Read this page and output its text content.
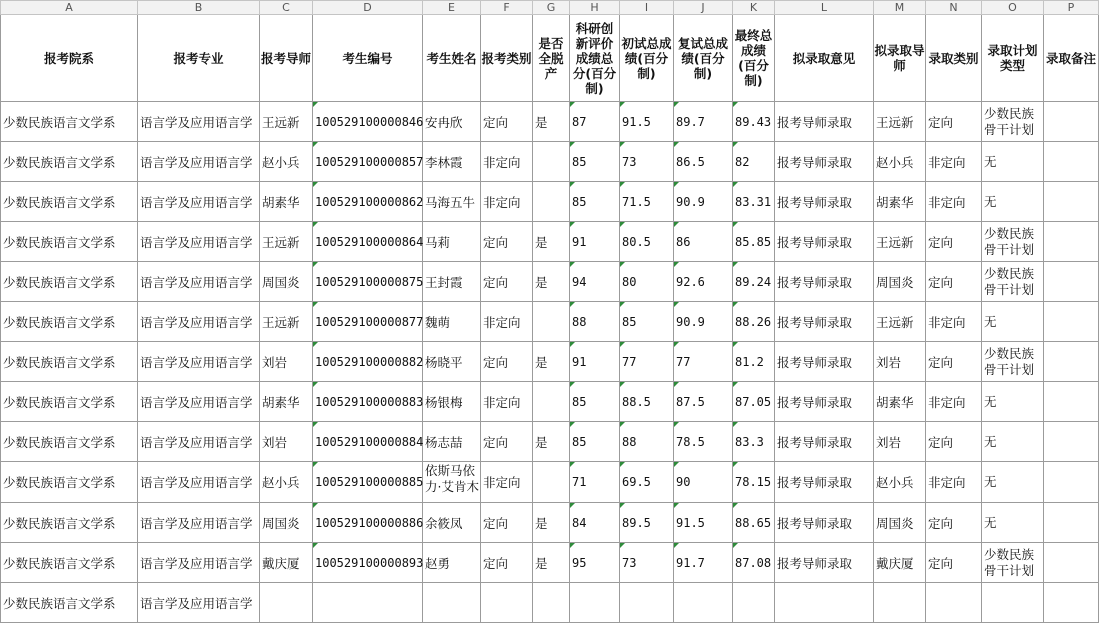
A	B	C	D	E	F	G	H	I	J	K	L	M	N	O	P
报考院系	报考专业	报考导师	考生编号	考生姓名	报考类别	是否全脱产	科研创新评价成绩总分(百分制)	初试总成绩(百分制)	复试总成绩(百分制)	最终总成绩(百分制)	拟录取意见	拟录取导师	录取类别	录取计划类型	录取备注
少数民族语言文学系	语言学及应用语言学	王远新	100529100000846	安冉欣	定向	是	87	91.5	89.7	89.43	报考导师录取	王远新	定向	少数民族骨干计划	
少数民族语言文学系	语言学及应用语言学	赵小兵	100529100000857	李林霞	非定向		85	73	86.5	82	报考导师录取	赵小兵	非定向	无	
少数民族语言文学系	语言学及应用语言学	胡素华	100529100000862	马海五牛	非定向		85	71.5	90.9	83.31	报考导师录取	胡素华	非定向	无	
少数民族语言文学系	语言学及应用语言学	王远新	100529100000864	马莉	定向	是	91	80.5	86	85.85	报考导师录取	王远新	定向	少数民族骨干计划	
少数民族语言文学系	语言学及应用语言学	周国炎	100529100000875	王封霞	定向	是	94	80	92.6	89.24	报考导师录取	周国炎	定向	少数民族骨干计划	
少数民族语言文学系	语言学及应用语言学	王远新	100529100000877	魏萌	非定向		88	85	90.9	88.26	报考导师录取	王远新	非定向	无	
少数民族语言文学系	语言学及应用语言学	刘岩	100529100000882	杨晓平	定向	是	91	77	77	81.2	报考导师录取	刘岩	定向	少数民族骨干计划	
少数民族语言文学系	语言学及应用语言学	胡素华	100529100000883	杨银梅	非定向		85	88.5	87.5	87.05	报考导师录取	胡素华	非定向	无	
少数民族语言文学系	语言学及应用语言学	刘岩	100529100000884	杨志喆	定向	是	85	88	78.5	83.3	报考导师录取	刘岩	定向	无	
少数民族语言文学系	语言学及应用语言学	赵小兵	100529100000885	依斯马依力·艾肯木	非定向		71	69.5	90	78.15	报考导师录取	赵小兵	非定向	无	
少数民族语言文学系	语言学及应用语言学	周国炎	100529100000886	余筱凤	定向	是	84	89.5	91.5	88.65	报考导师录取	周国炎	定向	无	
少数民族语言文学系	语言学及应用语言学	戴庆厦	100529100000893	赵勇	定向	是	95	73	91.7	87.08	报考导师录取	戴庆厦	定向	少数民族骨干计划	
少数民族语言文学系	语言学及应用语言学														
